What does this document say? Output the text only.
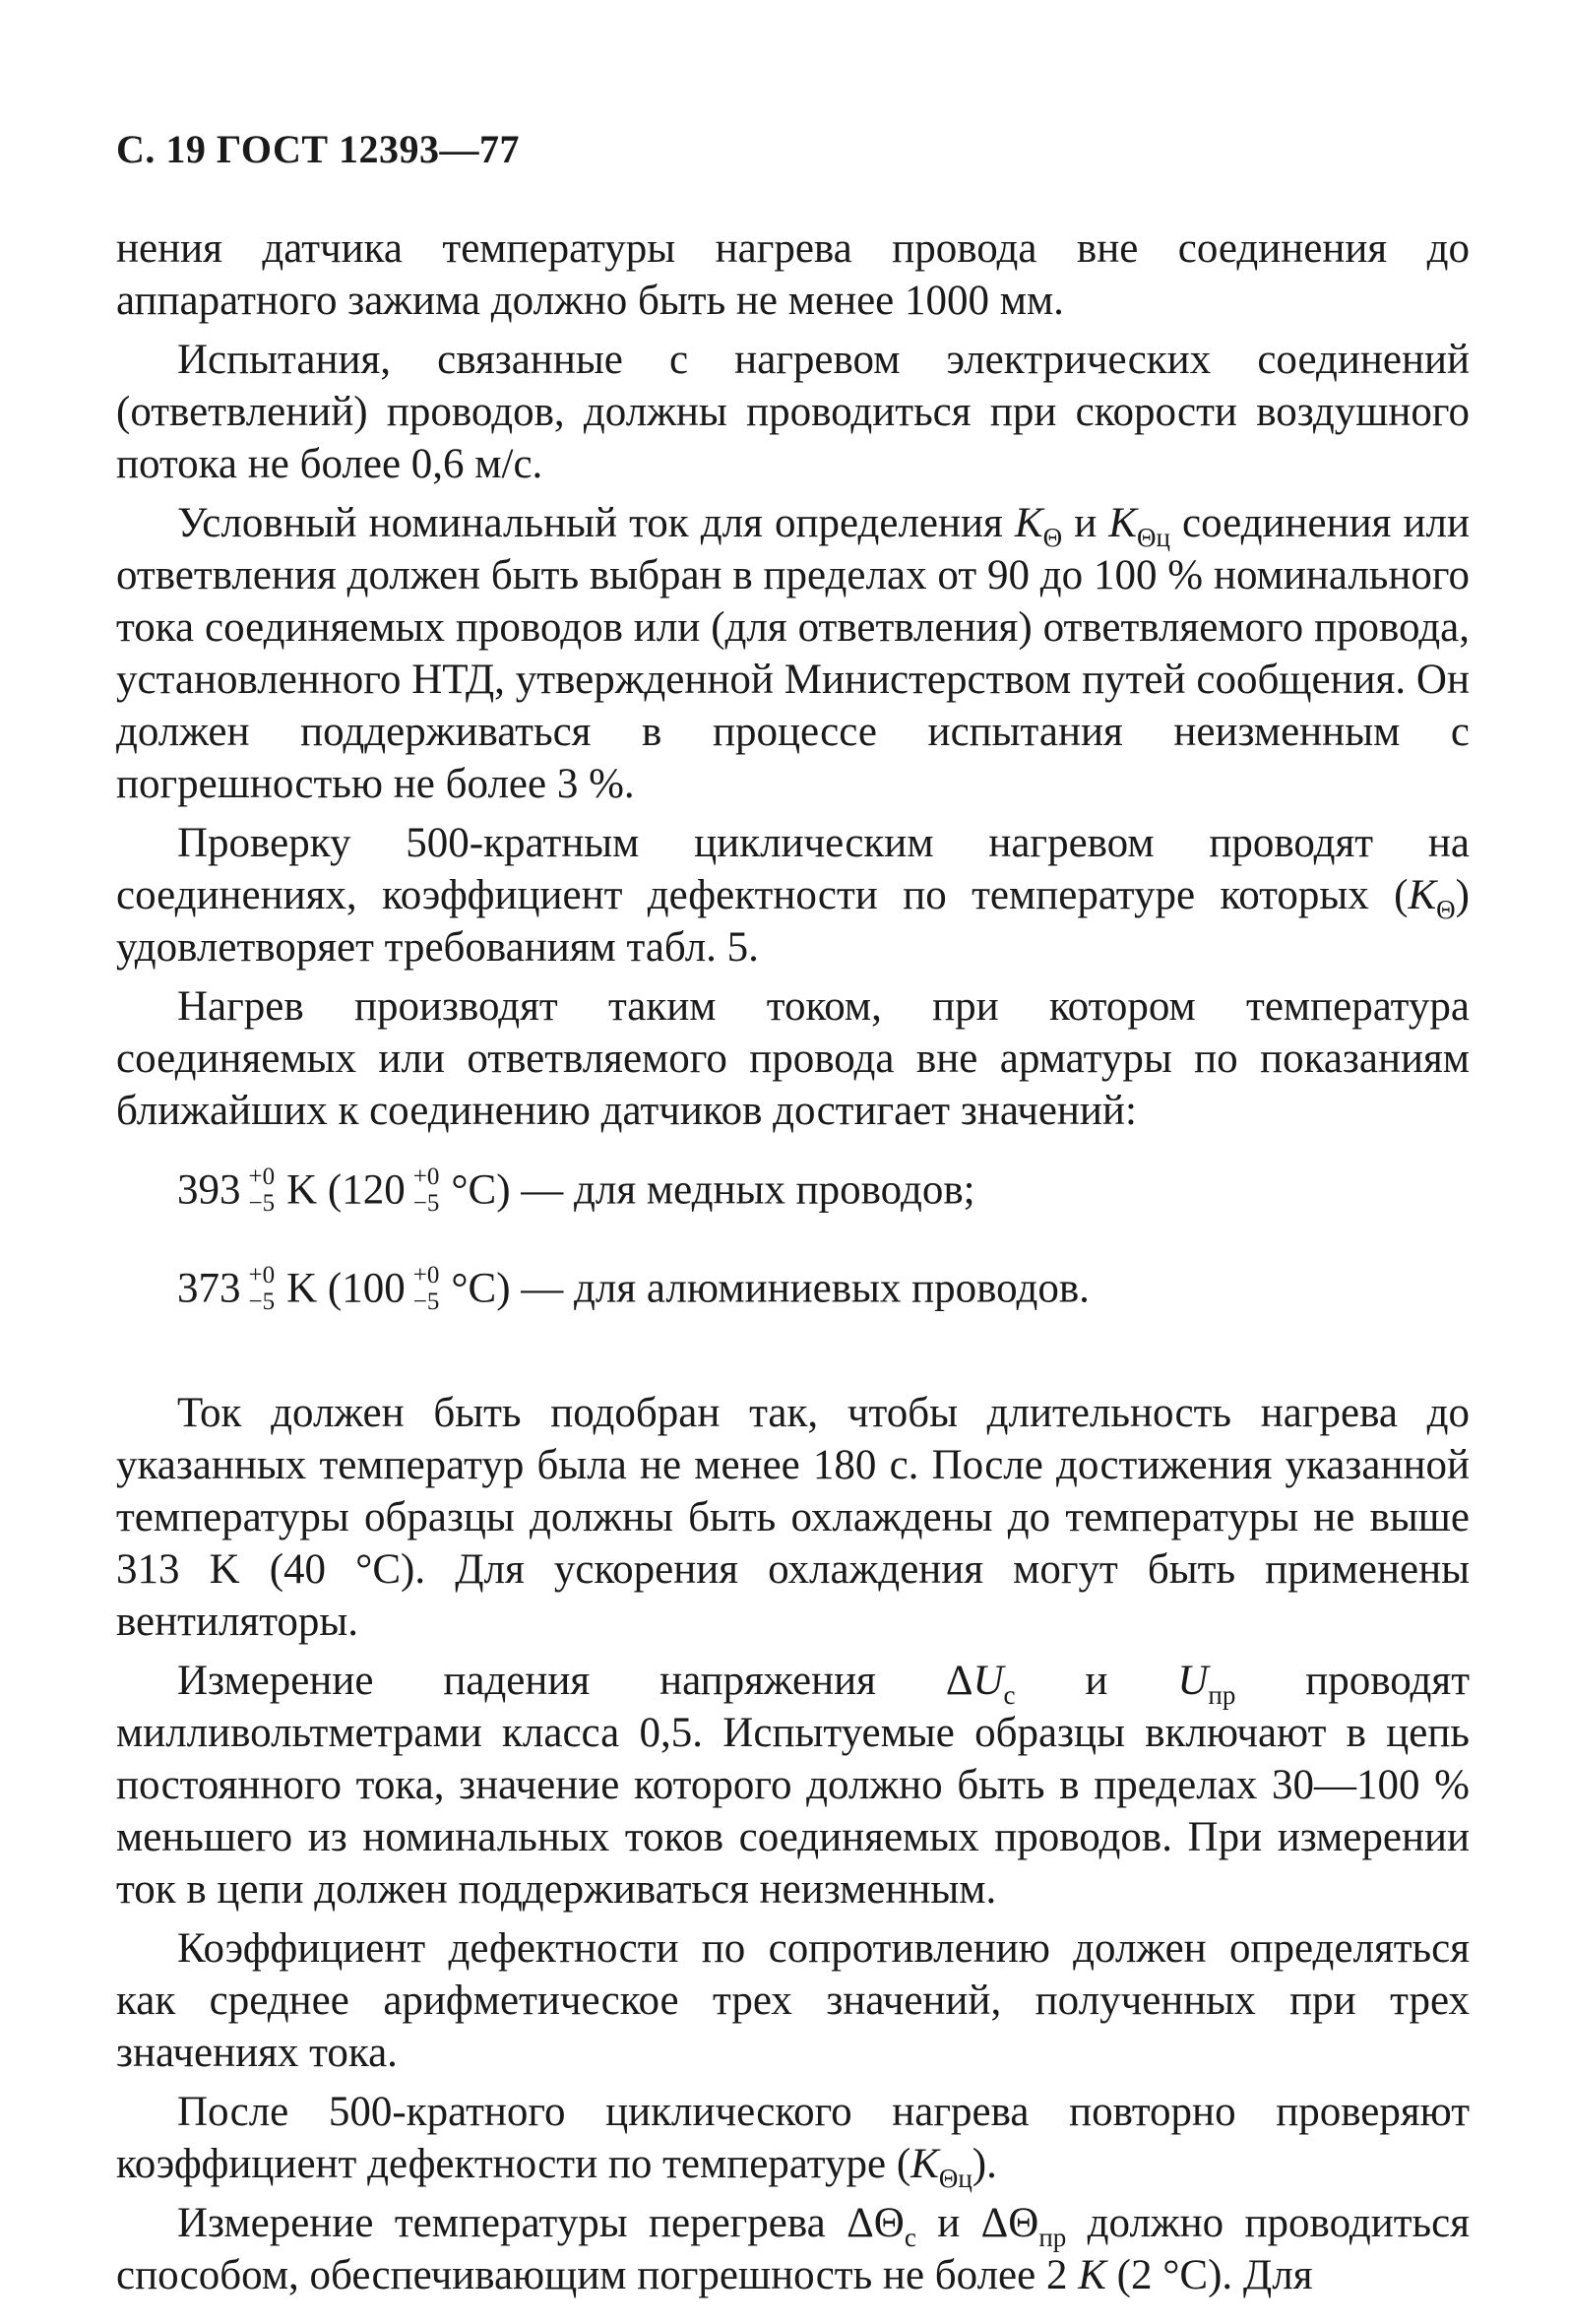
С. 19 ГОСТ 12393—77

нения датчика температуры нагрева провода вне соединения до аппаратного зажима должно быть не менее 1000 мм.

Испытания, связанные с нагревом электрических соединений (ответвлений) проводов, должны проводиться при скорости воздушного потока не более 0,6 м/с.

Условный номинальный ток для определения $K_\Theta$ и $K_{\Theta ц}$ соединения или ответвления должен быть выбран в пределах от 90 до 100 % номинального тока соединяемых проводов или (для ответвления) ответвляемого провода, установленного НТД, утвержденной Министерством путей сообщения. Он должен поддерживаться в процессе испытания неизменным с погрешностью не более 3 %.

Проверку 500-кратным циклическим нагревом проводят на соединениях, коэффициент дефектности по температуре которых $(K_\Theta)$ удовлетворяет требованиям табл. 5.

Нагрев производят таким током, при котором температура соединяемых или ответвляемого провода вне арматуры по показаниям ближайших к соединению датчиков достигает значений:

393 +0
−5 K (120 +0
−5 °C) — для медных проводов;
373 +0
−5 K (100 +0
−5 °C) — для алюминиевых проводов.

Ток должен быть подобран так, чтобы длительность нагрева до указанных температур была не менее 180 с. После достижения указанной температуры образцы должны быть охлаждены до температуры не выше 313 K (40 °С). Для ускорения охлаждения могут быть применены вентиляторы.

Измерение падения напряжения $\Delta U_с$ и $U_{пр}$ проводят милливольтметрами класса 0,5. Испытуемые образцы включают в цепь постоянного тока, значение которого должно быть в пределах 30—100 % меньшего из номинальных токов соединяемых проводов. При измерении ток в цепи должен поддерживаться неизменным.

Коэффициент дефектности по сопротивлению должен определяться как среднее арифметическое трех значений, полученных при трех значениях тока.

После 500-кратного циклического нагрева повторно проверяют коэффициент дефектности по температуре $(K_{\Theta ц})$.

Измерение температуры перегрева $\Delta\Theta_с$ и $\Delta\Theta_{пр}$ должно проводиться способом, обеспечивающим погрешность не более 2 K (2 °С). Для
